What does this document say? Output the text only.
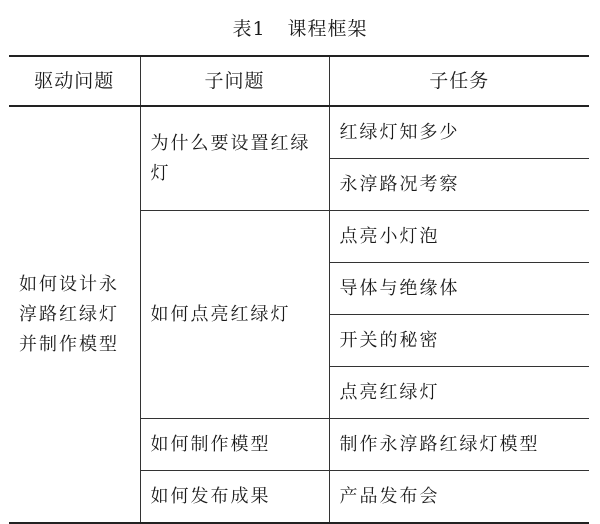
表1 课程框架
驱动问题	子问题	子任务
如何设计永淳路红绿灯并制作模型	为什么要设置红绿灯	红绿灯知多少
		永淳路况考察
	如何点亮红绿灯	点亮小灯泡
		导体与绝缘体
		开关的秘密
		点亮红绿灯
	如何制作模型	制作永淳路红绿灯模型
	如何发布成果	产品发布会
